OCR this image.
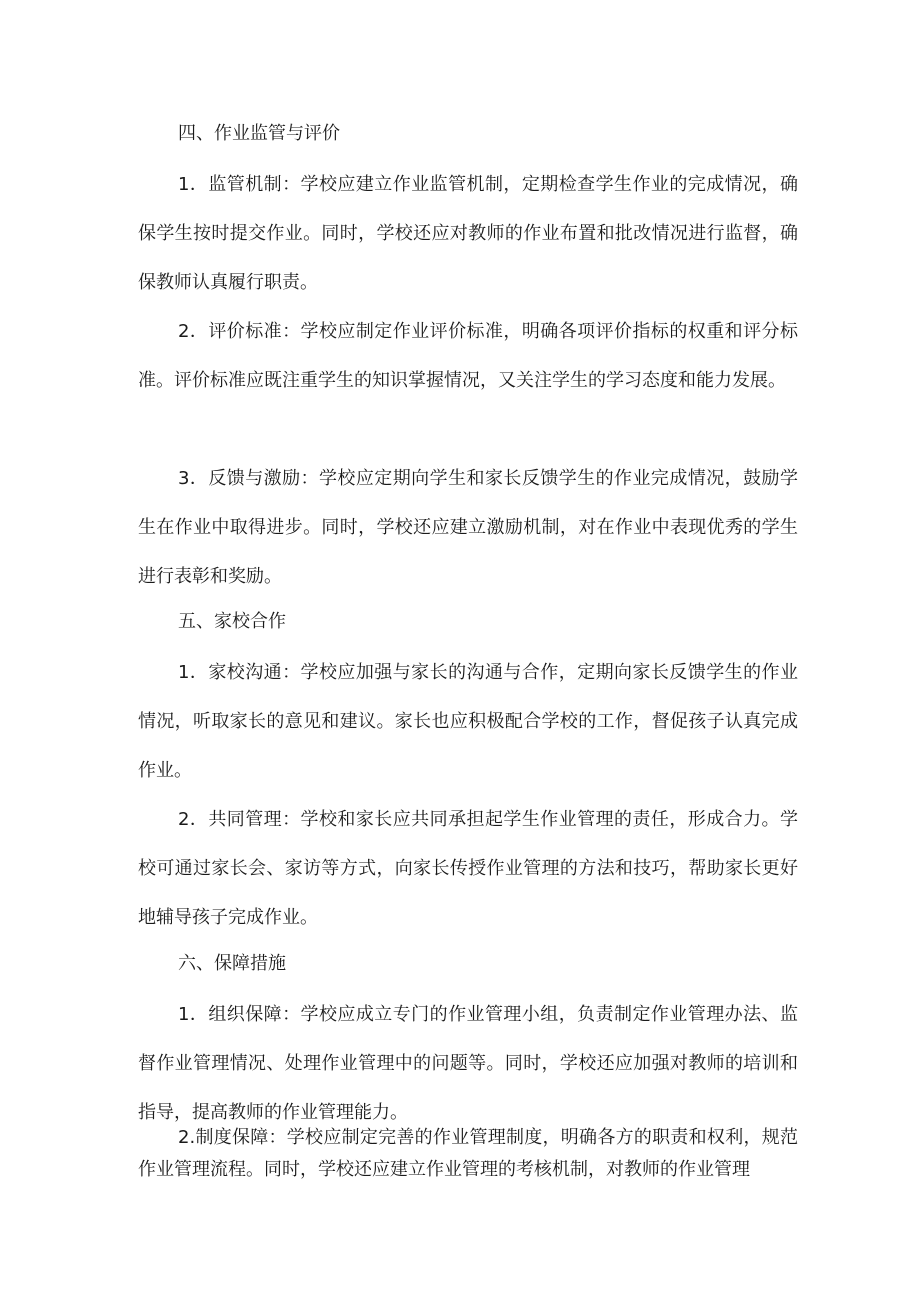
四、作业监管与评价

1．监管机制：学校应建立作业监管机制，定期检查学生作业的完成情况，确保学生按时提交作业。同时，学校还应对教师的作业布置和批改情况进行监督，确保教师认真履行职责。

2．评价标准：学校应制定作业评价标准，明确各项评价指标的权重和评分标准。评价标准应既注重学生的知识掌握情况，又关注学生的学习态度和能力发展。

3．反馈与激励：学校应定期向学生和家长反馈学生的作业完成情况，鼓励学生在作业中取得进步。同时，学校还应建立激励机制，对在作业中表现优秀的学生进行表彰和奖励。

五、家校合作

1．家校沟通：学校应加强与家长的沟通与合作，定期向家长反馈学生的作业情况，听取家长的意见和建议。家长也应积极配合学校的工作，督促孩子认真完成作业。

2．共同管理：学校和家长应共同承担起学生作业管理的责任，形成合力。学校可通过家长会、家访等方式，向家长传授作业管理的方法和技巧，帮助家长更好地辅导孩子完成作业。

六、保障措施

1．组织保障：学校应成立专门的作业管理小组，负责制定作业管理办法、监督作业管理情况、处理作业管理中的问题等。同时，学校还应加强对教师的培训和指导，提高教师的作业管理能力。

2.制度保障：学校应制定完善的作业管理制度，明确各方的职责和权利，规范作业管理流程。同时，学校还应建立作业管理的考核机制，对教师的作业管理
